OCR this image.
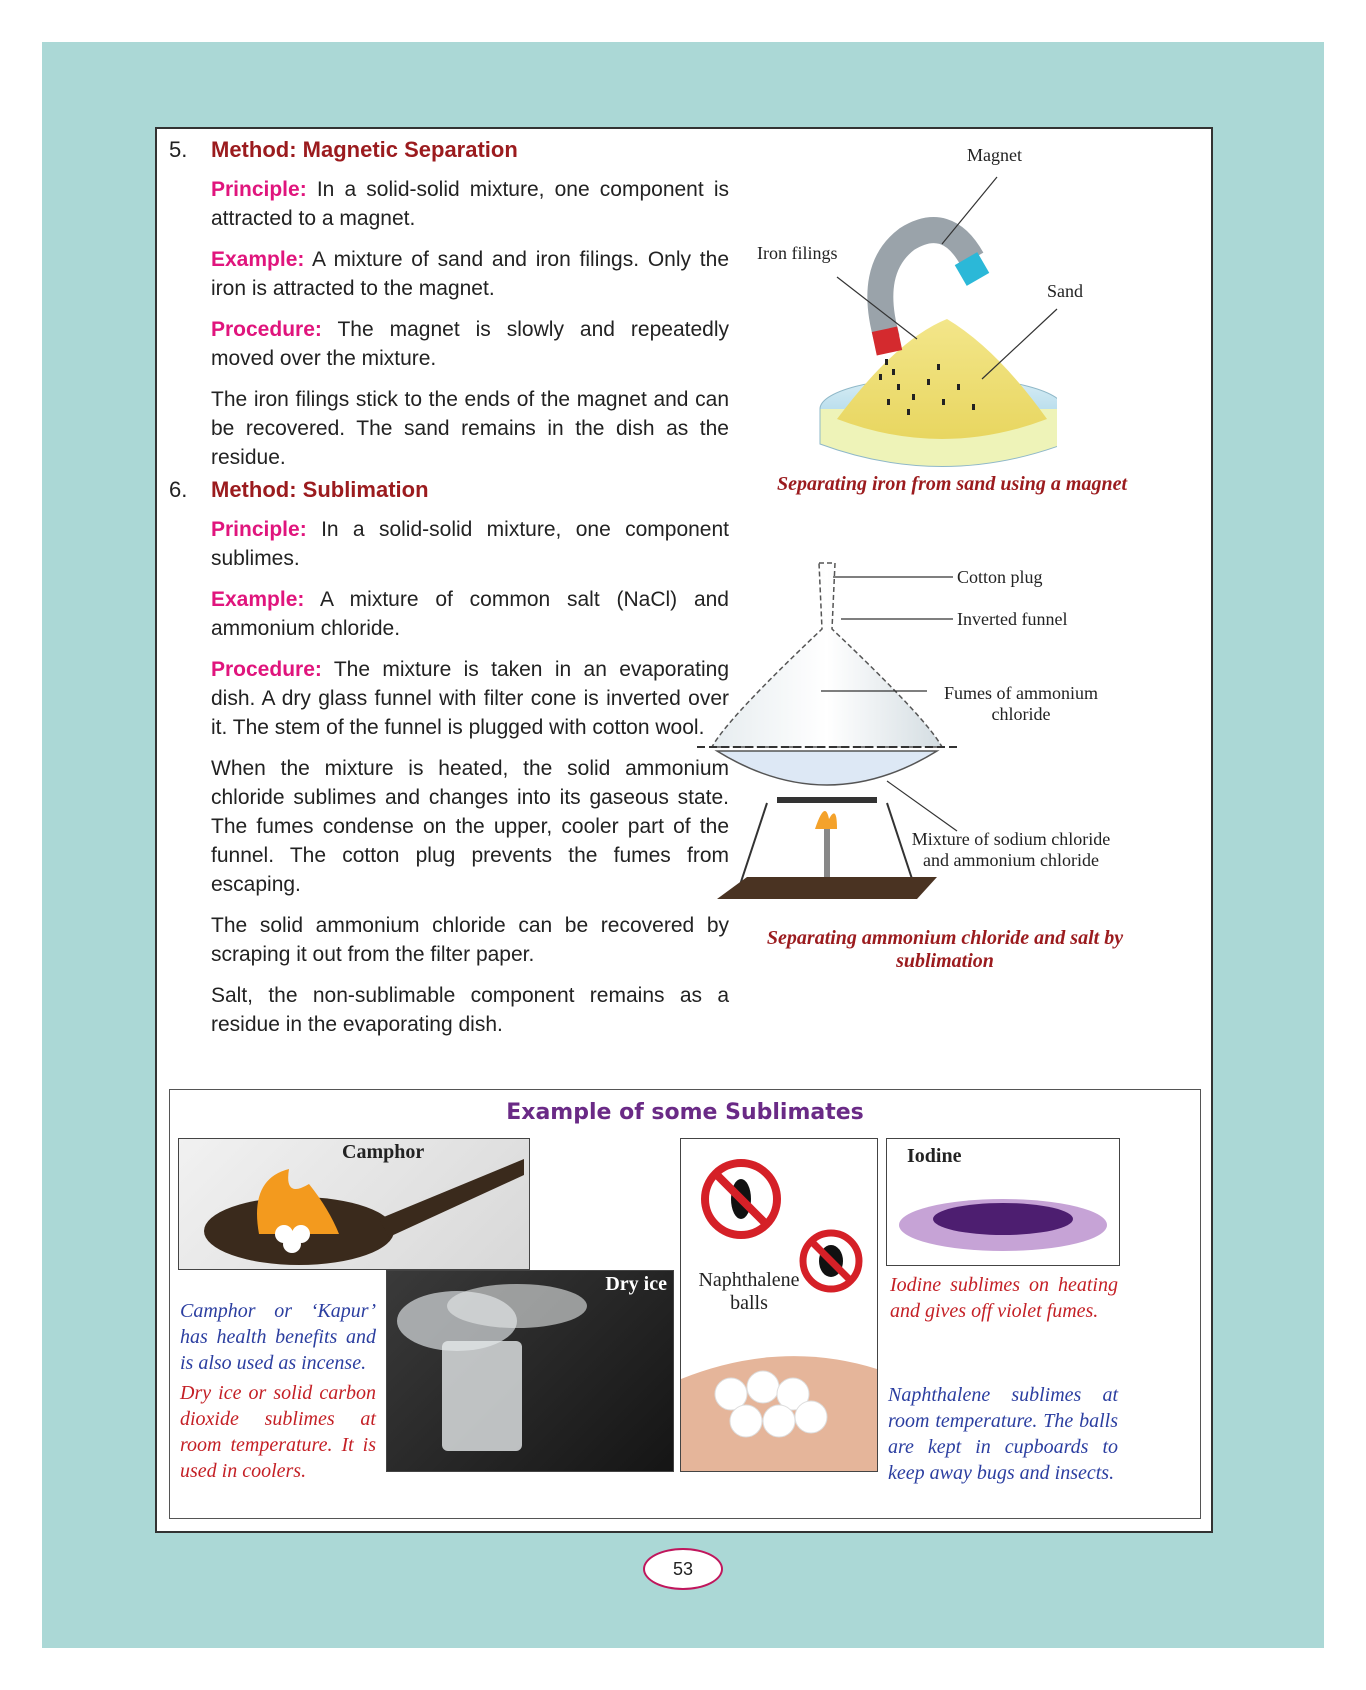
5. Method: Magnetic Separation

Principle: In a solid-solid mixture, one component is attracted to a magnet.

Example: A mixture of sand and iron filings. Only the iron is attracted to the magnet.

Procedure: The magnet is slowly and repeatedly moved over the mixture.

The iron filings stick to the ends of the magnet and can be recovered. The sand remains in the dish as the residue.

6. Method: Sublimation

Principle: In a solid-solid mixture, one component sublimes.

Example: A mixture of common salt (NaCl) and ammonium chloride.

Procedure: The mixture is taken in an evaporating dish. A dry glass funnel with filter cone is inverted over it. The stem of the funnel is plugged with cotton wool.

When the mixture is heated, the solid ammonium chloride sublimes and changes into its gaseous state. The fumes condense on the upper, cooler part of the funnel. The cotton plug prevents the fumes from escaping.

The solid ammonium chloride can be recovered by scraping it out from the filter paper.

Salt, the non-sublimable component remains as a residue in the evaporating dish.

Magnet
Iron filings
Sand
Separating iron from sand using a magnet
Cotton plug
Inverted funnel
Fumes of ammonium chloride
Mixture of sodium chloride and ammonium chloride
Separating ammonium chloride and salt by sublimation
Example of some Sublimates
Camphor
Dry ice
Camphor or ‘Kapur’ has health benefits and is also used as incense.
Dry ice or solid carbon dioxide sublimes at room temperature. It is used in coolers.
Naphthalene balls
Iodine
Iodine sublimes on heating and gives off violet fumes.
Naphthalene sublimes at room temperature. The balls are kept in cupboards to keep away bugs and insects.
53
